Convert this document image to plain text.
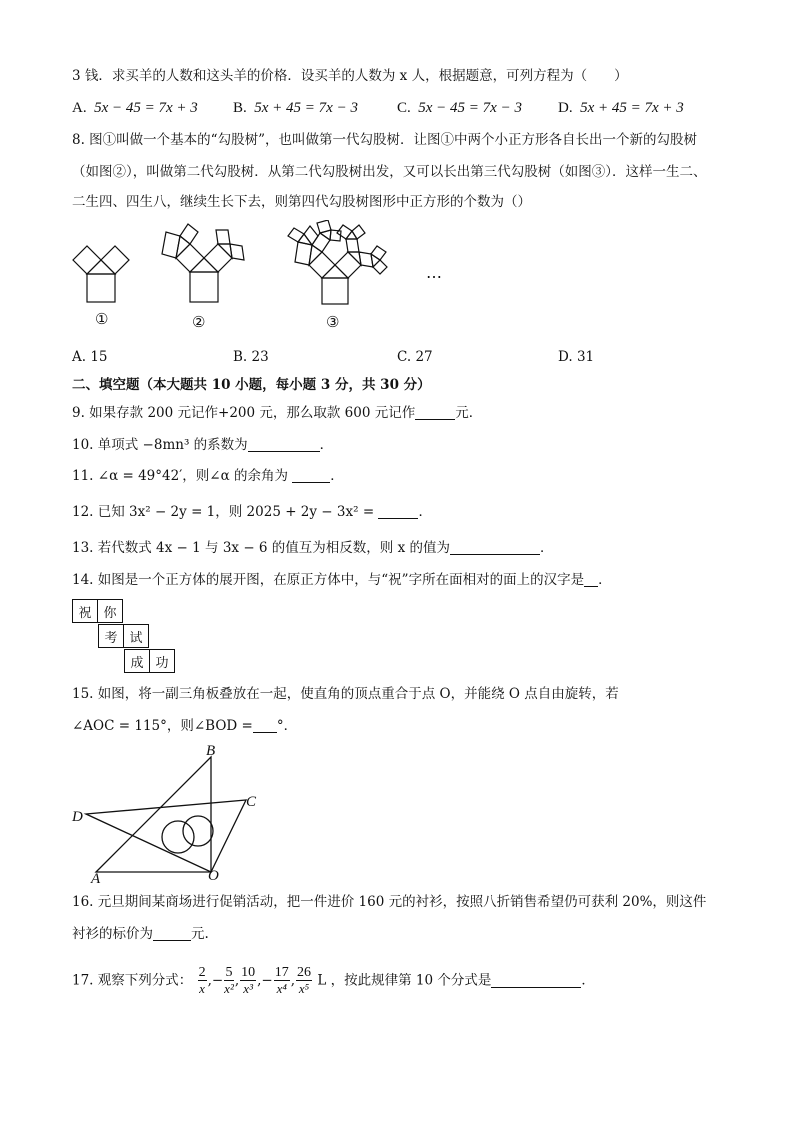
3 钱．求买羊的人数和这头羊的价格．设买羊的人数为 x 人，根据题意，可列方程为（　　）
A. 5x − 45 = 7x + 3 B. 5x + 45 = 7x − 3	C. 5x − 45 = 7x − 3 D. 5x + 45 = 7x + 3
8. 图①叫做一个基本的“勾股树”，也叫做第一代勾股树．让图①中两个小正方形各自长出一个新的勾股树
（如图②），叫做第二代勾股树．从第二代勾股树出发，又可以长出第三代勾股树（如图③）．这样一生二、
二生四、四生八，继续生长下去，则第四代勾股树图形中正方形的个数为（）
…
①	②	③
A. 15	B. 23	C. 27	D. 31
二、填空题（本大题共 10 小题，每小题 3 分，共 30 分）
9. 如果存款 200 元记作+200 元，那么取款 600 元记作	元．
10. 单项式 −8mn³ 的系数为	．
11. ∠α = 49°42′，则∠α 的余角为	．
12. 已知 3x² − 2y = 1，则 2025 + 2y − 3x² =	．
13. 若代数式 4x − 1 与 3x − 6 的值互为相反数，则 x 的值为	．
14. 如图是一个正方体的展开图，在原正方体中，与“祝”字所在面相对的面上的汉字是 ．
祝	你
考	试
成	功
15. 如图，将一副三角板叠放在一起，使直角的顶点重合于点 O，并能绕 O 点自由旋转，若
∠AOC = 115°，则∠BOD = °．
A
B
C
D
O
16. 元旦期间某商场进行促销活动，把一件进价 160 元的衬衫，按照八折销售希望仍可获利 20%，则这件
衬衫的标价为	元.
17. 观察下列分式： $\frac{2}{x}$ ,− $\frac{5}{\text{x²}}$ , $\frac{10}{\text{x³}}$ ,− $\frac{17}{\text{x⁴}}$ , $\frac{26}{\text{x⁵}}$ L ，按此规律第 10 个分式是	．
